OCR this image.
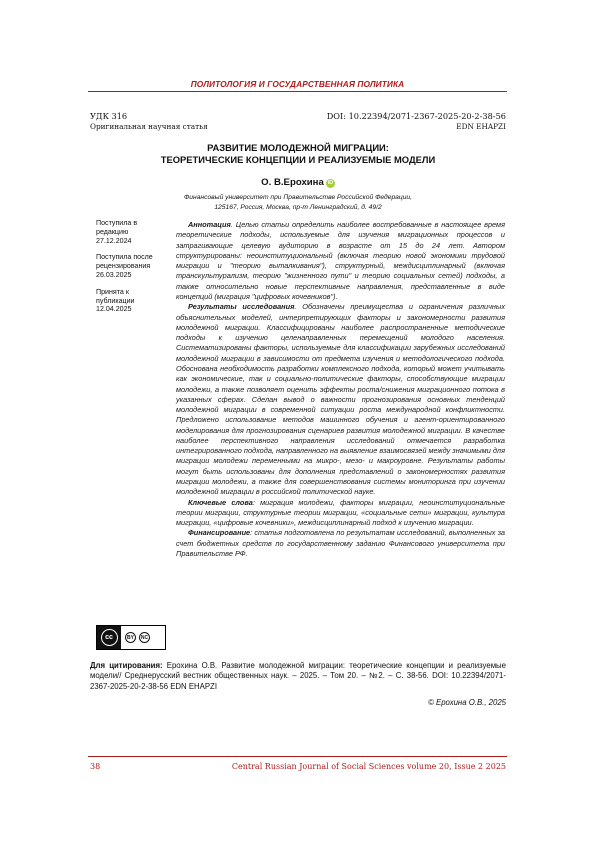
ПОЛИТОЛОГИЯ И ГОСУДАРСТВЕННАЯ ПОЛИТИКА
УДК 316	DOI: 10.22394/2071-2367-2025-20-2-38-56
Оригинальная научная статья	EDN EHAPZI
РАЗВИТИЕ МОЛОДЕЖНОЙ МИГРАЦИИ:
ТЕОРЕТИЧЕСКИЕ КОНЦЕПЦИИ И РЕАЛИЗУЕМЫЕ МОДЕЛИ
О. В.Ерохина iD
Финансовый университет при Правительстве Российской Федерации,
125167, Россия, Москва, пр-т Ленинградский, д. 49/2
Поступила в редакцию
27.12.2024
Поступила после рецензирования
26.03.2025
Принята к публикации
12.04.2025

Аннотация. Целью статьи определить наиболее востребованные в настоящее время теоретические подходы, используемые для изучения миграционных процессов и затрагивающие целевую аудиторию в возрасте от 15 до 24 лет. Автором структурированы: неоинституциональный (включая теорию новой экономики трудовой миграции и "теорию выталкивания"), структурный, междисциплинарный (включая транскультурализм, теорию "жизненного пути" и теорию социальных сетей) подходы, а также относительно новые перспективные направления, представленные в виде концепций (миграция "цифровых кочевников").

Результаты исследования. Обозначены преимущества и ограничения различных объяснительных моделей, интерпретирующих факторы и закономерности развития молодежной миграции. Классифицированы наиболее распространенные методические подходы к изучению целенаправленных перемещений молодого населения. Систематизированы факторы, используемые для классификации зарубежных исследований молодежной миграции в зависимости от предмета изучения и методологического подхода. Обоснована необходимость разработки комплексного подхода, который может учитывать как экономические, так и социально-политические факторы, способствующие миграции молодежи, а также позволяет оценить эффекты роста/снижения миграционного потока в указанных сферах. Сделан вывод о важности прогнозирования основных тенденций молодежной миграции в современной ситуации роста международной конфликтности. Предложено использование методов машинного обучения и агент-ориентированного моделирования для прогнозирования сценариев развития молодежной миграции. В качестве наиболее перспективного направления исследований отмечается разработка интегрированного подхода, направленного на выявление взаимосвязей между значимыми для миграции молодежи переменными на микро-, мезо- и макроуровне. Результаты работы могут быть использованы для дополнения представлений о закономерностях развития миграции молодежи, а также для совершенствования системы мониторинга при изучении молодежной миграции в российской политической науке.

Ключевые слова: миграция молодежи, факторы миграции, неоинституциональные теории миграции, структурные теории миграции, «социальные сети» миграции, культура миграции, «цифровые кочевники», междисциплинарный подход к изучению миграции.

Финансирование: статья подготовлена по результатам исследований, выполненных за счет бюджетных средств по государственному заданию Финансового университета при Правительстве РФ.

cc	BY	NC
Для цитирования: Ерохина О.В. Развитие молодежной миграции: теоретические концепции и реализуемые модели// Среднерусский вестник общественных наук. – 2025. – Том 20. – №2. – С. 38-56. DOI: 10.22394/2071-2367-2025-20-2-38-56 EDN EHAPZI
© Ерохина О.В., 2025
38	Central Russian Journal of Social Sciences volume 20, Issue 2 2025
